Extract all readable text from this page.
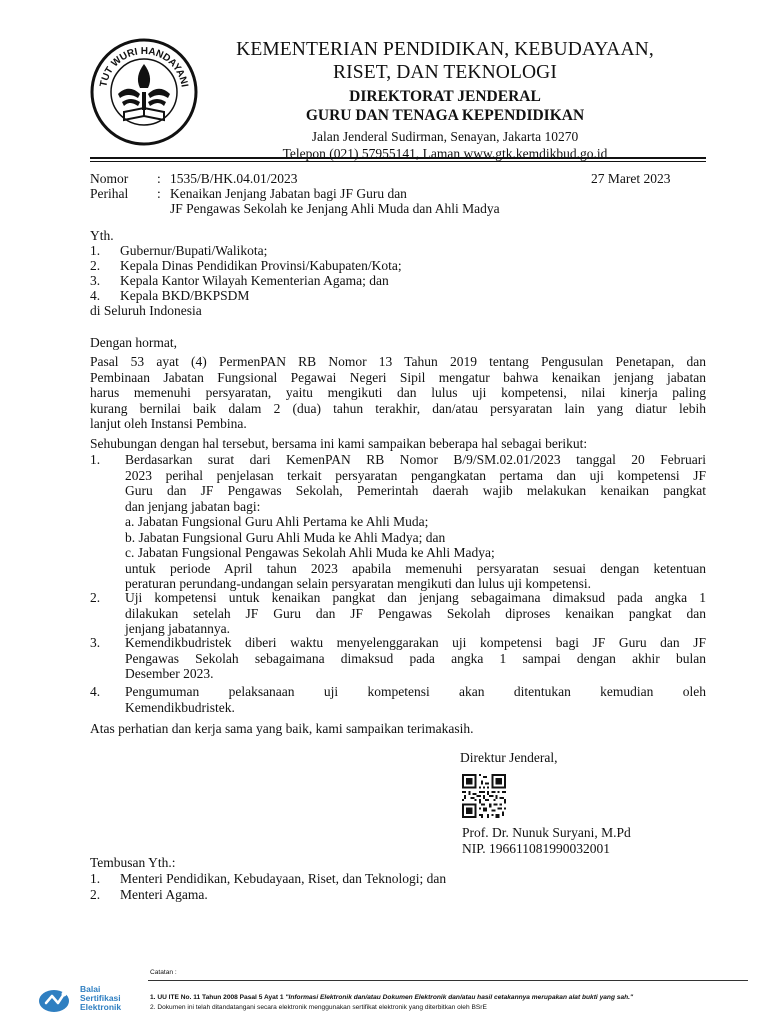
TUT WURI HANDAYANI
KEMENTERIAN PENDIDIKAN, KEBUDAYAAN,
RISET, DAN TEKNOLOGI
DIREKTORAT JENDERAL
GURU DAN TENAGA KEPENDIDIKAN
Jalan Jenderal Sudirman, Senayan, Jakarta 10270
Telepon (021) 57955141, Laman www.gtk.kemdikbud.go.id
Nomor : 1535/B/HK.04.01/2023	27 Maret 2023
Perihal : Kenaikan Jenjang Jabatan bagi JF Guru dan
JF Pengawas Sekolah ke Jenjang Ahli Muda dan Ahli Madya
Yth.
1. Gubernur/Bupati/Walikota;
2. Kepala Dinas Pendidikan Provinsi/Kabupaten/Kota;
3. Kepala Kantor Wilayah Kementerian Agama; dan
4. Kepala BKD/BKPSDM
di Seluruh Indonesia
Dengan hormat,
Pasal 53 ayat (4) PermenPAN RB Nomor 13 Tahun 2019 tentang Pengusulan Penetapan, dan
Pembinaan Jabatan Fungsional Pegawai Negeri Sipil mengatur bahwa kenaikan jenjang jabatan
harus memenuhi persyaratan, yaitu mengikuti dan lulus uji kompetensi, nilai kinerja paling
kurang bernilai baik dalam 2 (dua) tahun terakhir, dan/atau persyaratan lain yang diatur lebih
lanjut oleh Instansi Pembina.
Sehubungan dengan hal tersebut, bersama ini kami sampaikan beberapa hal sebagai berikut:
1. Berdasarkan surat dari KemenPAN RB Nomor B/9/SM.02.01/2023 tanggal 20 Februari
2023 perihal penjelasan terkait persyaratan pengangkatan pertama dan uji kompetensi JF
Guru dan JF Pengawas Sekolah, Pemerintah daerah wajib melakukan kenaikan pangkat
dan jenjang jabatan bagi:
a. Jabatan Fungsional Guru Ahli Pertama ke Ahli Muda;
b. Jabatan Fungsional Guru Ahli Muda ke Ahli Madya; dan
c. Jabatan Fungsional Pengawas Sekolah Ahli Muda ke Ahli Madya;
untuk periode April tahun 2023 apabila memenuhi persyaratan sesuai dengan ketentuan
peraturan perundang-undangan selain persyaratan mengikuti dan lulus uji kompetensi.
2. Uji kompetensi untuk kenaikan pangkat dan jenjang sebagaimana dimaksud pada angka 1
dilakukan setelah JF Guru dan JF Pengawas Sekolah diproses kenaikan pangkat dan
jenjang jabatannya.
3. Kemendikbudristek diberi waktu menyelenggarakan uji kompetensi bagi JF Guru dan JF
Pengawas Sekolah sebagaimana dimaksud pada angka 1 sampai dengan akhir bulan
Desember 2023.
4. Pengumuman pelaksanaan uji kompetensi akan ditentukan kemudian oleh
Kemendikbudristek.
Atas perhatian dan kerja sama yang baik, kami sampaikan terimakasih.
Direktur Jenderal,
Prof. Dr. Nunuk Suryani, M.Pd
NIP. 196611081990032001
Tembusan Yth.:
1. Menteri Pendidikan, Kebudayaan, Riset, dan Teknologi; dan
2. Menteri Agama.
Balai
Sertifikasi
Elektronik
Catatan :
1. UU ITE No. 11 Tahun 2008 Pasal 5 Ayat 1 "Informasi Elektronik dan/atau Dokumen Elektronik dan/atau hasil cetakannya merupakan alat bukti yang sah."
2. Dokumen ini telah ditandatangani secara elektronik menggunakan sertifikat elektronik yang diterbitkan oleh BSrE
